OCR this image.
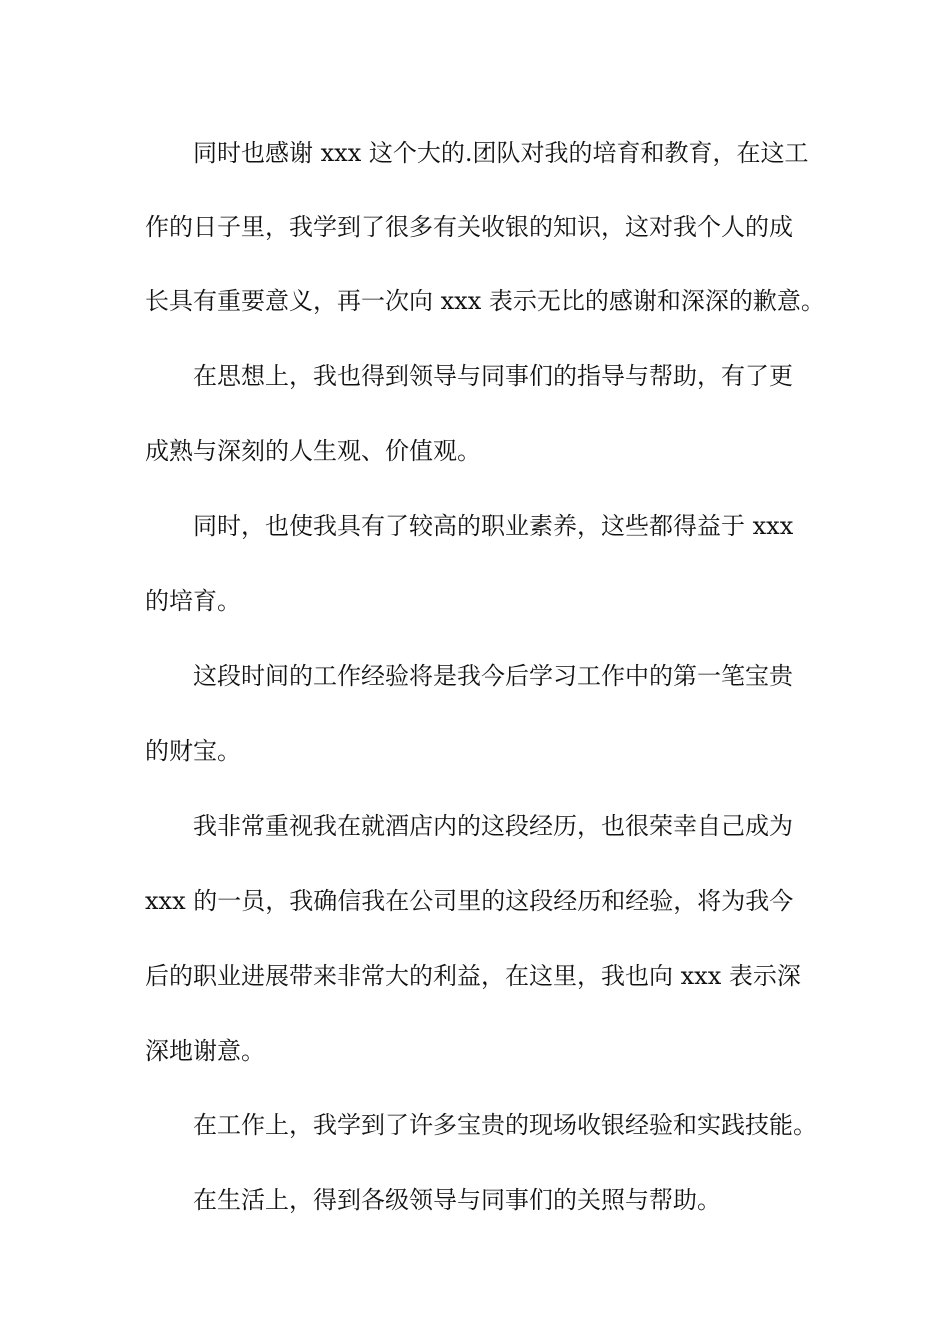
同时也感谢 xxx 这个大的.团队对我的培育和教育，在这工
作的日子里，我学到了很多有关收银的知识，这对我个人的成
长具有重要意义，再一次向 xxx 表示无比的感谢和深深的歉意。
在思想上，我也得到领导与同事们的指导与帮助，有了更
成熟与深刻的人生观、价值观。
同时，也使我具有了较高的职业素养，这些都得益于 xxx
的培育。
这段时间的工作经验将是我今后学习工作中的第一笔宝贵
的财宝。
我非常重视我在就酒店内的这段经历，也很荣幸自己成为
xxx 的一员，我确信我在公司里的这段经历和经验，将为我今
后的职业进展带来非常大的利益，在这里，我也向 xxx 表示深
深地谢意。
在工作上，我学到了许多宝贵的现场收银经验和实践技能。
在生活上，得到各级领导与同事们的关照与帮助。
